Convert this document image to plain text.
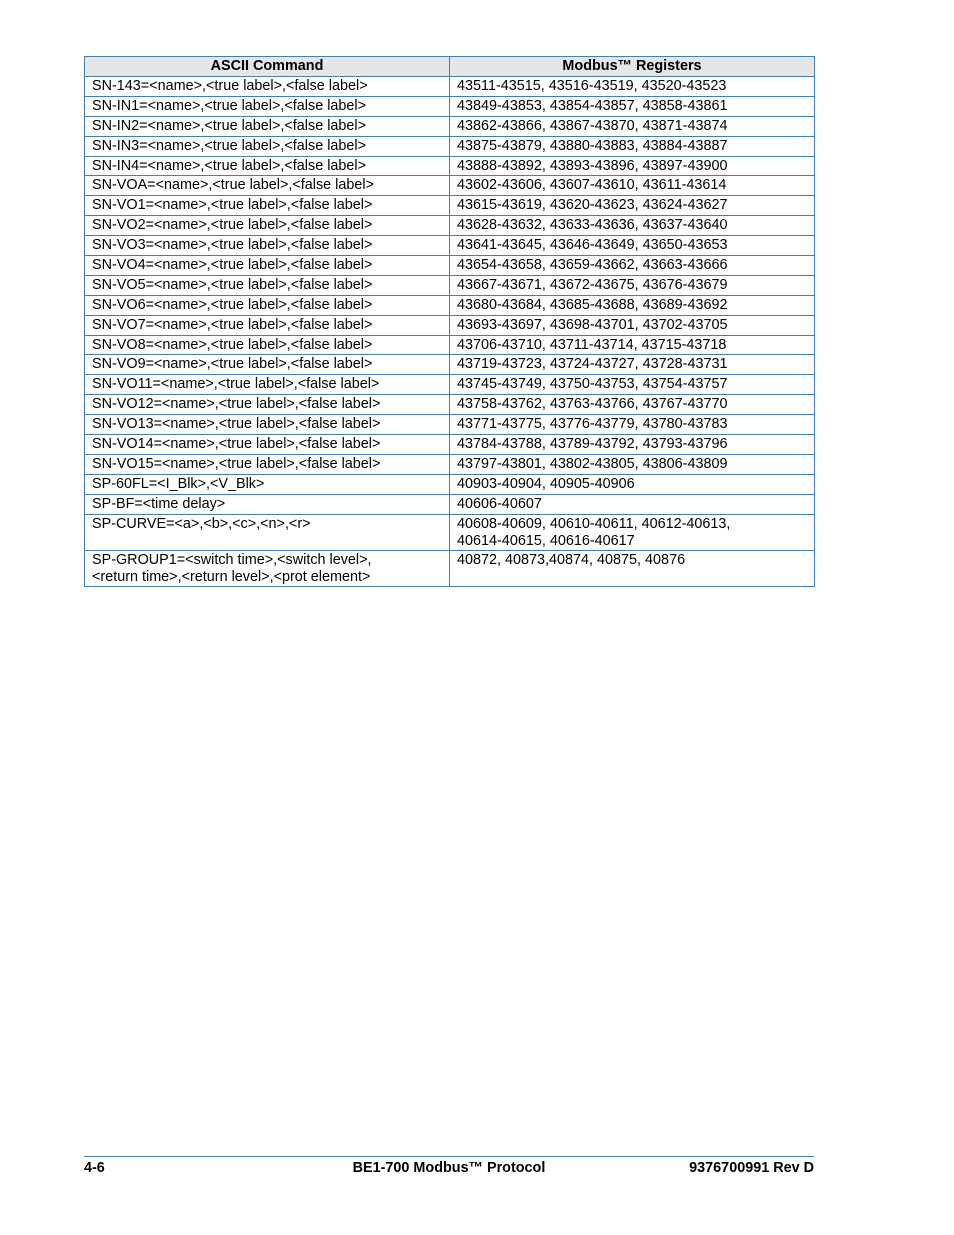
ASCII Command	Modbus™ Registers
SN-143=<name>,<true label>,<false label>	43511-43515, 43516-43519, 43520-43523
SN-IN1=<name>,<true label>,<false label>	43849-43853, 43854-43857, 43858-43861
SN-IN2=<name>,<true label>,<false label>	43862-43866, 43867-43870, 43871-43874
SN-IN3=<name>,<true label>,<false label>	43875-43879, 43880-43883, 43884-43887
SN-IN4=<name>,<true label>,<false label>	43888-43892, 43893-43896, 43897-43900
SN-VOA=<name>,<true label>,<false label>	43602-43606, 43607-43610, 43611-43614
SN-VO1=<name>,<true label>,<false label>	43615-43619, 43620-43623, 43624-43627
SN-VO2=<name>,<true label>,<false label>	43628-43632, 43633-43636, 43637-43640
SN-VO3=<name>,<true label>,<false label>	43641-43645, 43646-43649, 43650-43653
SN-VO4=<name>,<true label>,<false label>	43654-43658, 43659-43662, 43663-43666
SN-VO5=<name>,<true label>,<false label>	43667-43671, 43672-43675, 43676-43679
SN-VO6=<name>,<true label>,<false label>	43680-43684, 43685-43688, 43689-43692
SN-VO7=<name>,<true label>,<false label>	43693-43697, 43698-43701, 43702-43705
SN-VO8=<name>,<true label>,<false label>	43706-43710, 43711-43714, 43715-43718
SN-VO9=<name>,<true label>,<false label>	43719-43723, 43724-43727, 43728-43731
SN-VO11=<name>,<true label>,<false label>	43745-43749, 43750-43753, 43754-43757
SN-VO12=<name>,<true label>,<false label>	43758-43762, 43763-43766, 43767-43770
SN-VO13=<name>,<true label>,<false label>	43771-43775, 43776-43779, 43780-43783
SN-VO14=<name>,<true label>,<false label>	43784-43788, 43789-43792, 43793-43796
SN-VO15=<name>,<true label>,<false label>	43797-43801, 43802-43805, 43806-43809
SP-60FL=<I_Blk>,<V_Blk>	40903-40904, 40905-40906
SP-BF=<time delay>	40606-40607
SP-CURVE=<a>,<b>,<c>,<n>,<r>	40608-40609, 40610-40611, 40612-40613,
40614-40615, 40616-40617
SP-GROUP1=<switch time>,<switch level>,
<return time>,<return level>,<prot element>	40872, 40873,40874, 40875, 40876
4-6	BE1-700 Modbus™ Protocol	9376700991 Rev D
